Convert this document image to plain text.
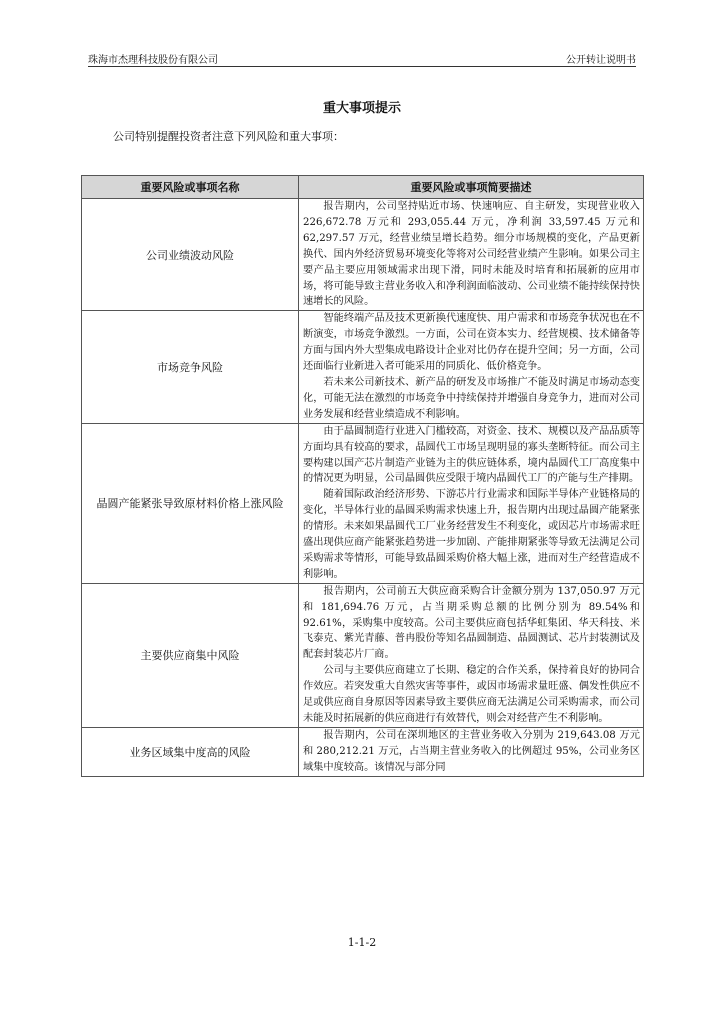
珠海市杰理科技股份有限公司	公开转让说明书
重大事项提示
公司特别提醒投资者注意下列风险和重大事项：
重要风险或事项名称	重要风险或事项简要描述
公司业绩波动风险	报告期内，公司坚持贴近市场、快速响应、自主研发，实现营业收入 226,672.78 万元和 293,055.44 万元，净利润 33,597.45 万元和 62,297.57 万元，经营业绩呈增长趋势。细分市场规模的变化，产品更新换代、国内外经济贸易环境变化等将对公司经营业绩产生影响。如果公司主要产品主要应用领域需求出现下滑，同时未能及时培育和拓展新的应用市场，将可能导致主营业务收入和净利润面临波动、公司业绩不能持续保持快速增长的风险。

市场竞争风险	智能终端产品及技术更新换代速度快、用户需求和市场竞争状况也在不断演变，市场竞争激烈。一方面，公司在资本实力、经营规模、技术储备等方面与国内外大型集成电路设计企业对比仍存在提升空间；另一方面，公司还面临行业新进入者可能采用的同质化、低价格竞争。

若未来公司新技术、新产品的研发及市场推广不能及时满足市场动态变化，可能无法在激烈的市场竞争中持续保持并增强自身竞争力，进而对公司业务发展和经营业绩造成不利影响。

晶圆产能紧张导致原材料价格上涨风险	由于晶圆制造行业进入门槛较高，对资金、技术、规模以及产品品质等方面均具有较高的要求，晶圆代工市场呈现明显的寡头垄断特征。而公司主要构建以国产芯片制造产业链为主的供应链体系，境内晶圆代工厂高度集中的情况更为明显，公司晶圆供应受限于境内晶圆代工厂的产能与生产排期。

随着国际政治经济形势、下游芯片行业需求和国际半导体产业链格局的变化，半导体行业的晶圆采购需求快速上升，报告期内出现过晶圆产能紧张的情形。未来如果晶圆代工厂业务经营发生不利变化，或因芯片市场需求旺盛出现供应商产能紧张趋势进一步加剧、产能排期紧张等导致无法满足公司采购需求等情形，可能导致晶圆采购价格大幅上涨，进而对生产经营造成不利影响。

主要供应商集中风险	报告期内，公司前五大供应商采购合计金额分别为 137,050.97 万元和 181,694.76 万元，占当期采购总额的比例分别为 89.54%和 92.61%，采购集中度较高。公司主要供应商包括华虹集团、华天科技、米飞泰克、紫光青藤、普冉股份等知名晶圆制造、晶圆测试、芯片封装测试及配套封装芯片厂商。

公司与主要供应商建立了长期、稳定的合作关系，保持着良好的协同合作效应。若突发重大自然灾害等事件，或因市场需求量旺盛、偶发性供应不足或供应商自身原因等因素导致主要供应商无法满足公司采购需求，而公司未能及时拓展新的供应商进行有效替代，则会对经营产生不利影响。

业务区域集中度高的风险	报告期内，公司在深圳地区的主营业务收入分别为 219,643.08 万元和 280,212.21 万元，占当期主营业务收入的比例超过 95%，公司业务区域集中度较高。该情况与部分同

1-1-2
